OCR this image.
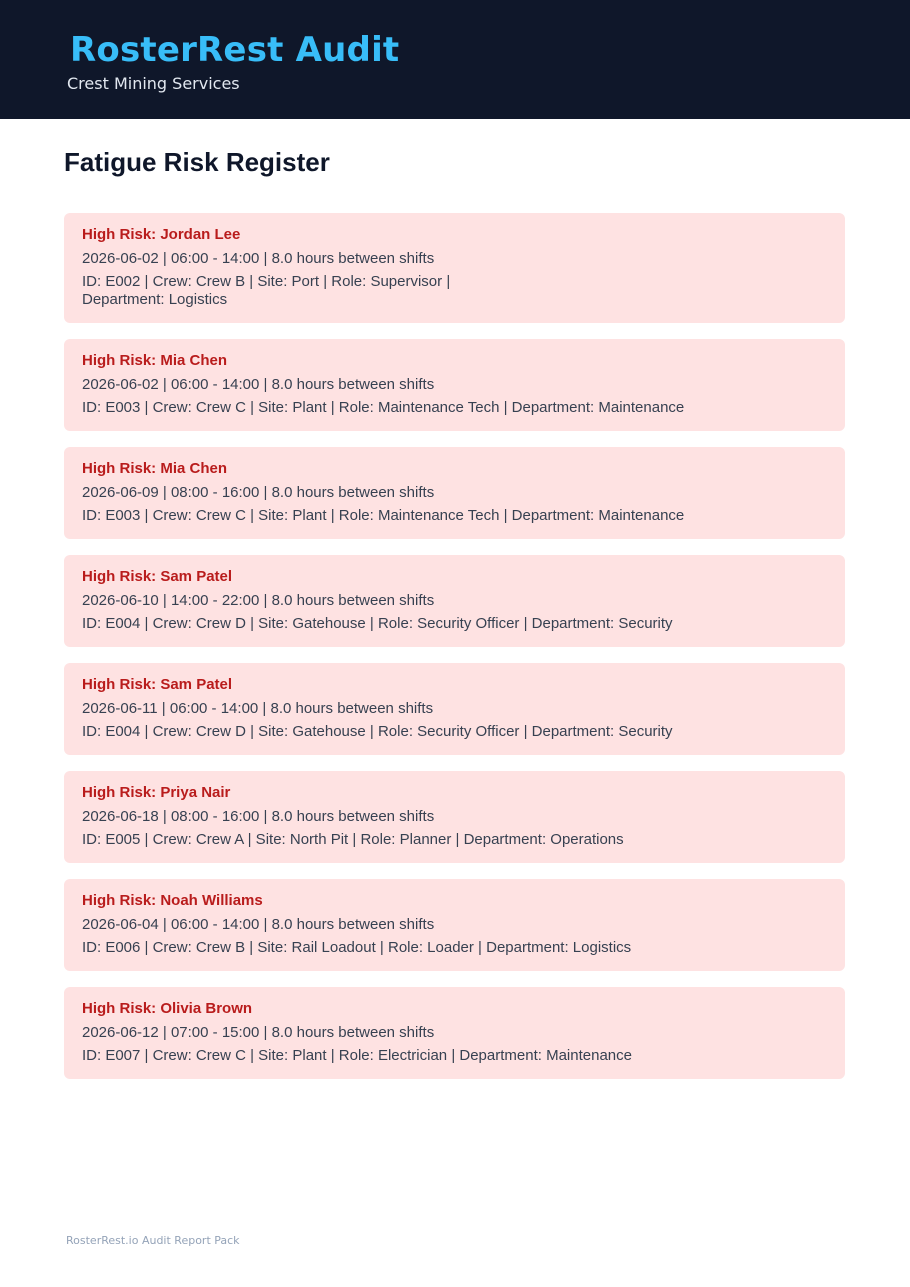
RosterRest Audit
Crest Mining Services
Fatigue Risk Register
High Risk: Jordan Lee
2026-06-02 | 06:00 - 14:00 | 8.0 hours between shifts
ID: E002 | Crew: Crew B | Site: Port | Role: Supervisor | Department: Logistics
High Risk: Mia Chen
2026-06-02 | 06:00 - 14:00 | 8.0 hours between shifts
ID: E003 | Crew: Crew C | Site: Plant | Role: Maintenance Tech | Department: Maintenance
High Risk: Mia Chen
2026-06-09 | 08:00 - 16:00 | 8.0 hours between shifts
ID: E003 | Crew: Crew C | Site: Plant | Role: Maintenance Tech | Department: Maintenance
High Risk: Sam Patel
2026-06-10 | 14:00 - 22:00 | 8.0 hours between shifts
ID: E004 | Crew: Crew D | Site: Gatehouse | Role: Security Officer | Department: Security
High Risk: Sam Patel
2026-06-11 | 06:00 - 14:00 | 8.0 hours between shifts
ID: E004 | Crew: Crew D | Site: Gatehouse | Role: Security Officer | Department: Security
High Risk: Priya Nair
2026-06-18 | 08:00 - 16:00 | 8.0 hours between shifts
ID: E005 | Crew: Crew A | Site: North Pit | Role: Planner | Department: Operations
High Risk: Noah Williams
2026-06-04 | 06:00 - 14:00 | 8.0 hours between shifts
ID: E006 | Crew: Crew B | Site: Rail Loadout | Role: Loader | Department: Logistics
High Risk: Olivia Brown
2026-06-12 | 07:00 - 15:00 | 8.0 hours between shifts
ID: E007 | Crew: Crew C | Site: Plant | Role: Electrician | Department: Maintenance
RosterRest.io Audit Report Pack
